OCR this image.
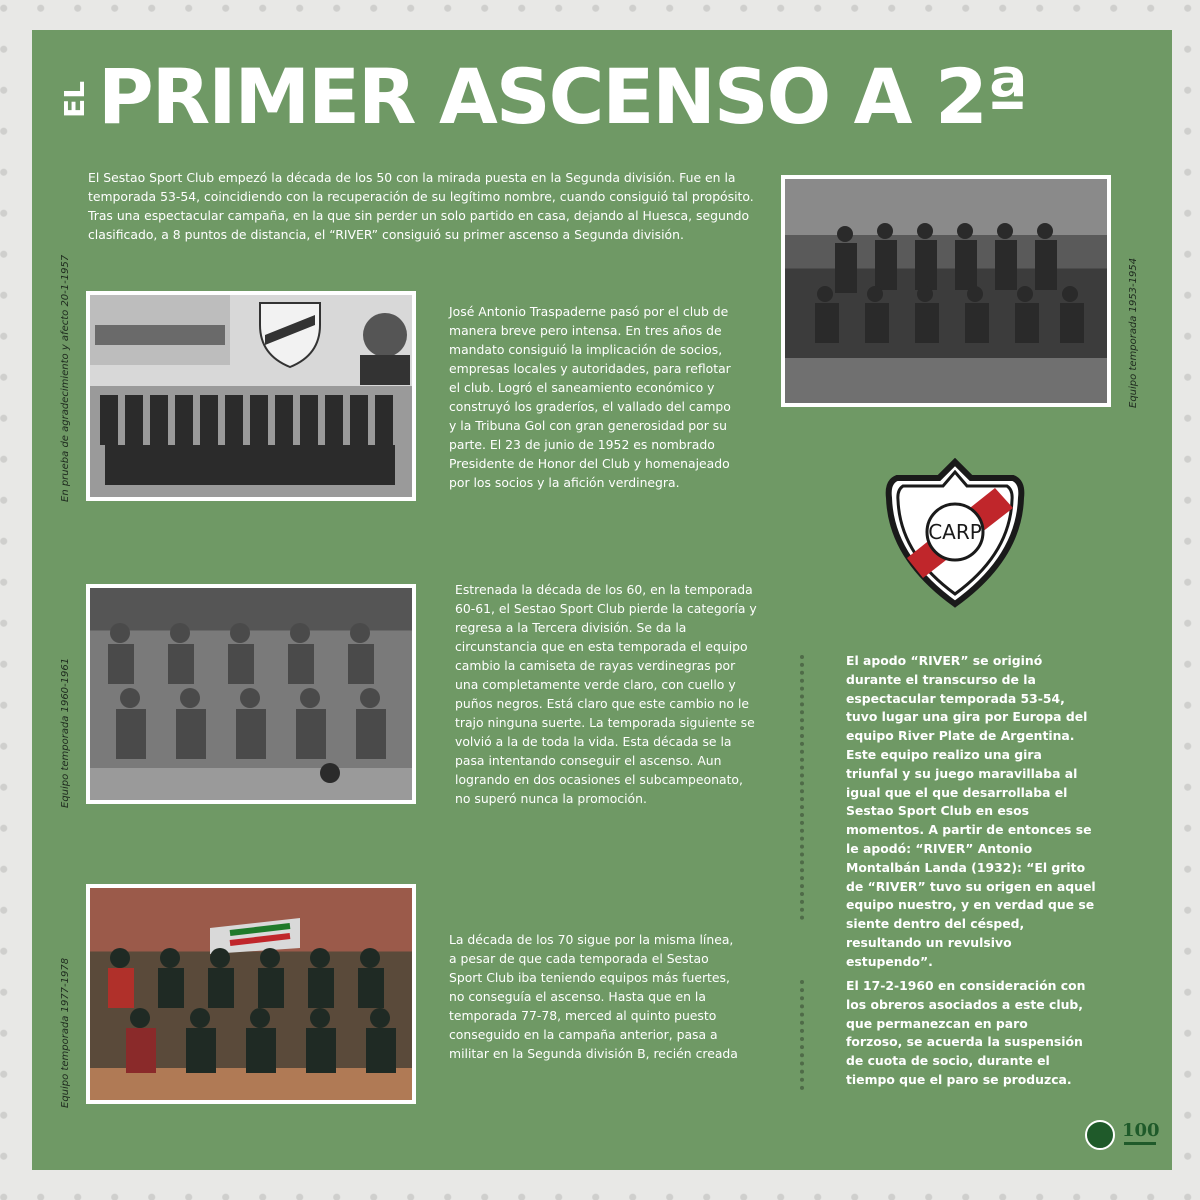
EL PRIMER ASCENSO A 2ª
El Sestao Sport Club empezó la década de los 50 con la mirada puesta en la Segunda división. Fue en la temporada 53-54, coincidiendo con la recuperación de su legítimo nombre, cuando consiguió tal propósito. Tras una espectacular campaña, en la que sin perder un solo partido en casa, dejando al Huesca, segundo clasificado, a 8 puntos de distancia, el “RIVER” consiguió su primer ascenso a Segunda división.
Equipo temporada 1953-1954
CARP
En prueba de agradecimiento y afecto 20-1-1957	José Antonio Traspaderne pasó por el club de manera breve pero intensa. En tres años de mandato consiguió la implicación de socios, empresas locales y autoridades, para reflotar el club. Logró el saneamiento económico y construyó los graderíos, el vallado del campo y la Tribuna Gol con gran generosidad por su parte. El 23 de junio de 1952 es nombrado Presidente de Honor del Club y homenajeado por los socios y la afición verdinegra.
Equipo temporada 1960-1961
Estrenada la década de los 60, en la temporada 60-61, el Sestao Sport Club pierde la categoría y regresa a la Tercera división. Se da la circunstancia que en esta temporada el equipo cambio la camiseta de rayas verdinegras por una completamente verde claro, con cuello y puños negros. Está claro que este cambio no le trajo ninguna suerte. La temporada siguiente se volvió a la de toda la vida. Esta década se la pasa intentando conseguir el ascenso. Aun logrando en dos ocasiones el subcampeonato, no superó nunca la promoción.
Equipo temporada 1977-1978
La década de los 70 sigue por la misma línea, a pesar de que cada temporada el Sestao Sport Club iba teniendo equipos más fuertes, no conseguía el ascenso. Hasta que en la temporada 77-78, merced al quinto puesto conseguido en la campaña anterior, pasa a militar en la Segunda división B, recién creada
El apodo “RIVER” se originó durante el transcurso de la espectacular temporada 53-54, tuvo lugar una gira por Europa del equipo River Plate de Argentina. Este equipo realizo una gira triunfal y su juego maravillaba al igual que el que desarrollaba el Sestao Sport Club en esos momentos. A partir de entonces se le apodó: “RIVER” Antonio Montalbán Landa (1932): “El grito de “RIVER” tuvo su origen en aquel equipo nuestro, y en verdad que se siente dentro del césped, resultando un revulsivo estupendo”.
El 17-2-1960 en consideración con los obreros asociados a este club, que permanezcan en paro forzoso, se acuerda la suspensión de cuota de socio, durante el tiempo que el paro se produzca.
100
